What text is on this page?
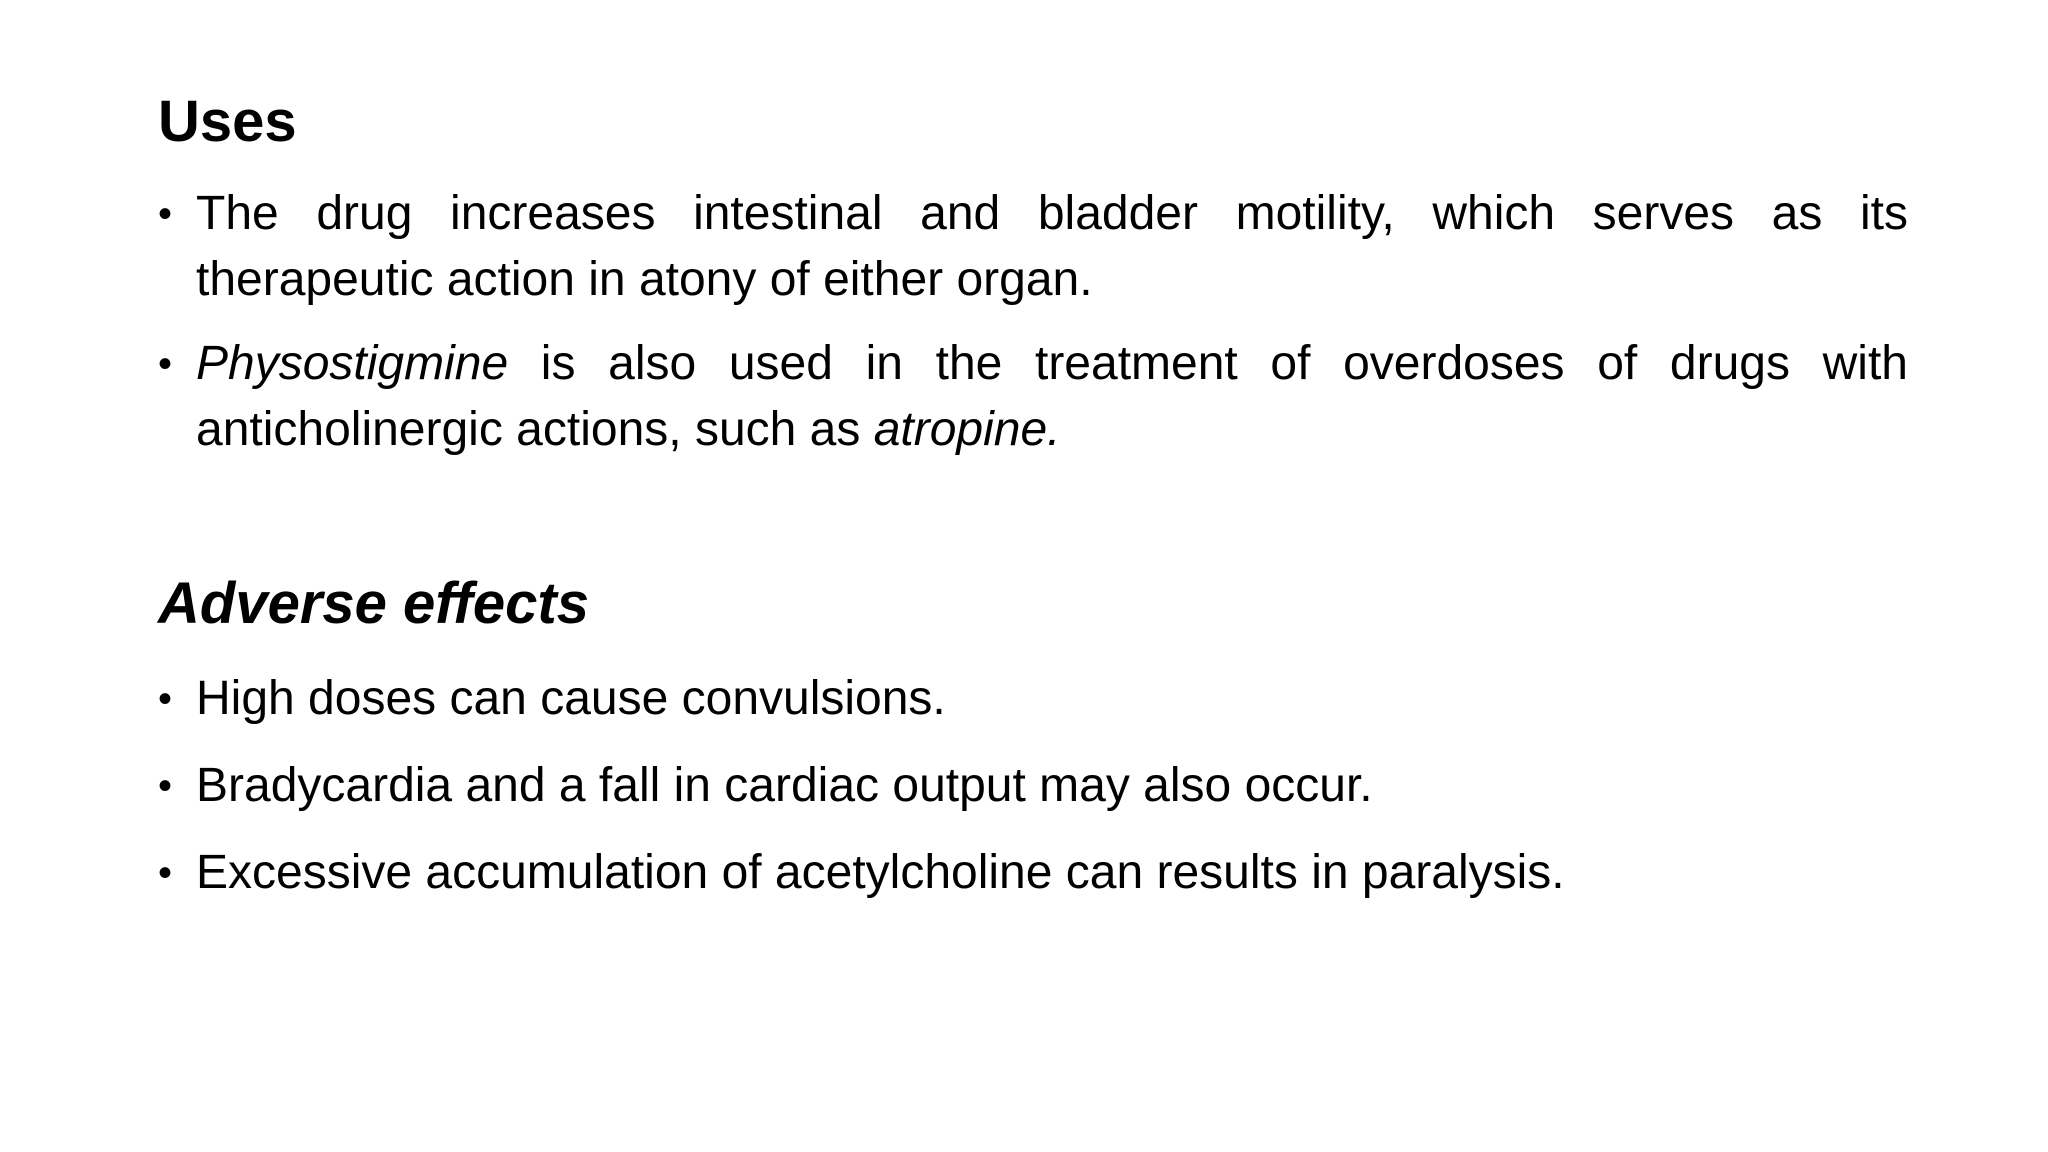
Uses
• The drug increases intestinal and bladder motility, which serves as its therapeutic action in atony of either organ.
• Physostigmine is also used in the treatment of overdoses of drugs with anticholinergic actions, such as atropine.
Adverse effects
• High doses can cause convulsions.
• Bradycardia and a fall in cardiac output may also occur.
• Excessive accumulation of acetylcholine can results in paralysis.
